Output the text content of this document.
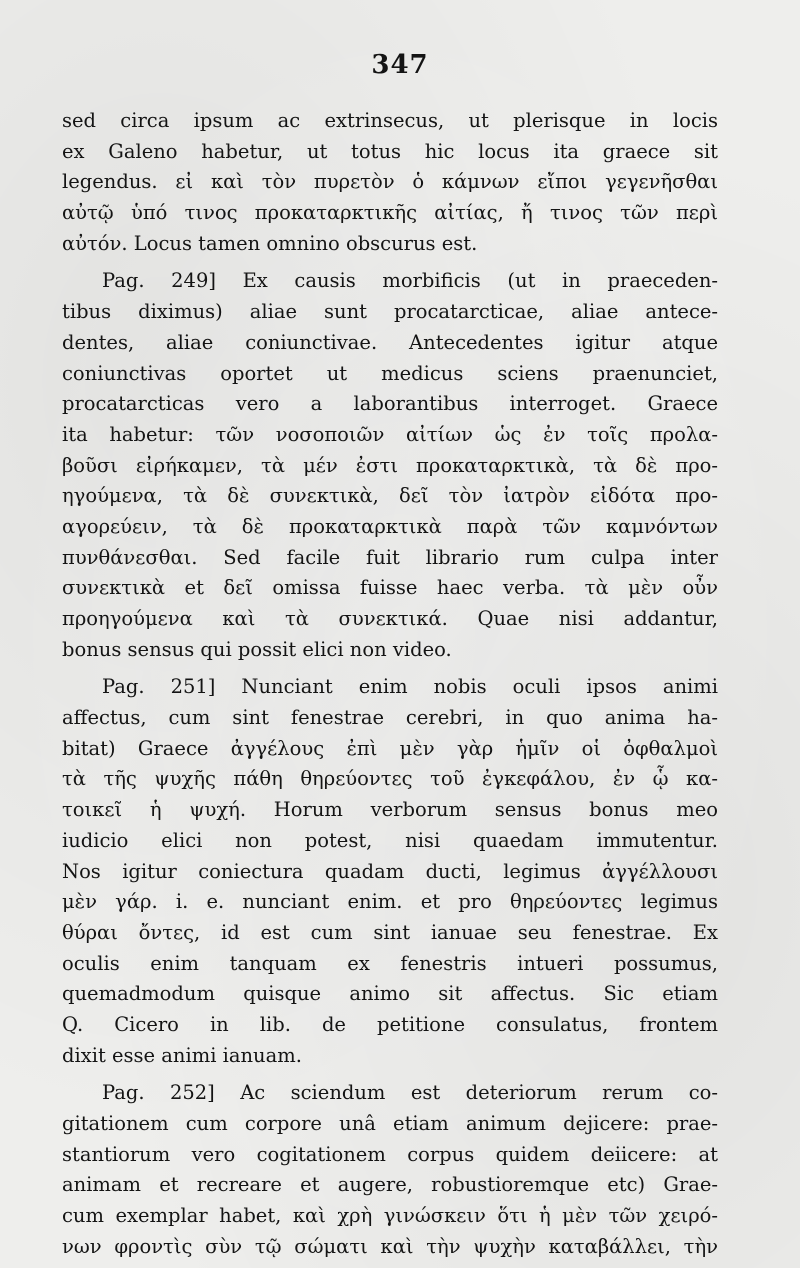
347
sed circa ipsum ac extrinsecus, ut plerisque in locis
ex Galeno habetur, ut totus hic locus ita graece sit
legendus. εἰ καὶ τὸν πυρετὸν ὁ κάμνων εἴποι γεγενῆσθαι
αὐτῷ ὑπό τινος προκαταρκτικῆς αἰτίας, ἤ τινος τῶν περὶ
αὐτόν. Locus tamen omnino obscurus est.
Pag. 249] Ex causis morbificis (ut in praeceden-
tibus diximus) aliae sunt procatarcticae, aliae antece-
dentes, aliae coniunctivae. Antecedentes igitur atque
coniunctivas oportet ut medicus sciens praenunciet,
procatarcticas vero a laborantibus interroget. Graece
ita habetur: τῶν νοσοποιῶν αἰτίων ὡς ἐν τοῖς προλα-
βοῦσι εἰρήκαμεν, τὰ μέν ἐστι προκαταρκτικὰ, τὰ δὲ προ-
ηγούμενα, τὰ δὲ συνεκτικὰ, δεῖ τὸν ἰατρὸν εἰδότα προ-
αγορεύειν, τὰ δὲ προκαταρκτικὰ παρὰ τῶν καμνόντων
πυνθάνεσθαι. Sed facile fuit librario rum culpa inter
συνεκτικὰ et δεῖ omissa fuisse haec verba. τὰ μὲν οὖν
προηγούμενα καὶ τὰ συνεκτικά. Quae nisi addantur,
bonus sensus qui possit elici non video.
Pag. 251] Nunciant enim nobis oculi ipsos animi
affectus, cum sint fenestrae cerebri, in quo anima ha-
bitat) Graece ἀγγέλους ἐπὶ μὲν γὰρ ἡμῖν οἱ ὀφθαλμοὶ
τὰ τῆς ψυχῆς πάθη θηρεύοντες τοῦ ἐγκεφάλου, ἐν ᾧ κα-
τοικεῖ ἡ ψυχή. Horum verborum sensus bonus meo
iudicio elici non potest, nisi quaedam immutentur.
Nos igitur coniectura quadam ducti, legimus ἀγγέλλουσι
μὲν γάρ. i. e. nunciant enim. et pro θηρεύοντες legimus
θύραι ὄντες, id est cum sint ianuae seu fenestrae. Ex
oculis enim tanquam ex fenestris intueri possumus,
quemadmodum quisque animo sit affectus. Sic etiam
Q. Cicero in lib. de petitione consulatus, frontem
dixit esse animi ianuam.
Pag. 252] Ac sciendum est deteriorum rerum co-
gitationem cum corpore unâ etiam animum dejicere: prae-
stantiorum vero cogitationem corpus quidem deiicere: at
animam et recreare et augere, robustioremque etc) Grae-
cum exemplar habet, καὶ χρὴ γινώσκειν ὅτι ἡ μὲν τῶν χειρό-
νων φροντὶς σὺν τῷ σώματι καὶ τὴν ψυχὴν καταβάλλει, τὴν
